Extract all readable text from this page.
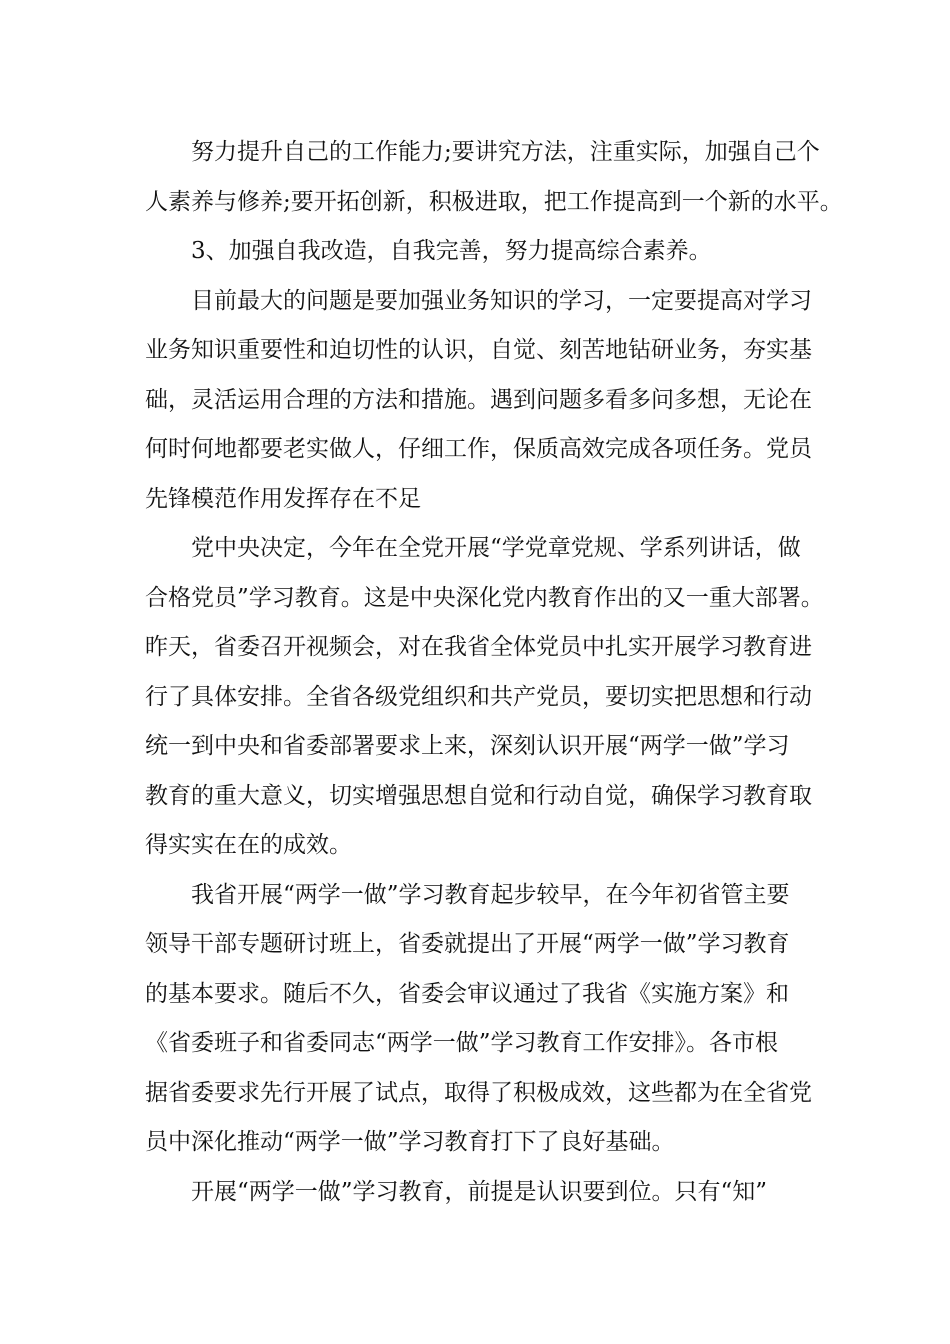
　　努力提升自己的工作能力;要讲究方法，注重实际，加强自己个
人素养与修养;要开拓创新，积极进取，把工作提高到一个新的水平。
　　3、加强自我改造，自我完善，努力提高综合素养。
　　目前最大的问题是要加强业务知识的学习，一定要提高对学习
业务知识重要性和迫切性的认识，自觉、刻苦地钻研业务，夯实基
础，灵活运用合理的方法和措施。遇到问题多看多问多想，无论在
何时何地都要老实做人，仔细工作，保质高效完成各项任务。党员
先锋模范作用发挥存在不足
　　党中央决定，今年在全党开展“学党章党规、学系列讲话，做
合格党员”学习教育。这是中央深化党内教育作出的又一重大部署。
昨天，省委召开视频会，对在我省全体党员中扎实开展学习教育进
行了具体安排。全省各级党组织和共产党员，要切实把思想和行动
统一到中央和省委部署要求上来，深刻认识开展“两学一做”学习
教育的重大意义，切实增强思想自觉和行动自觉，确保学习教育取
得实实在在的成效。
　　我省开展“两学一做”学习教育起步较早，在今年初省管主要
领导干部专题研讨班上，省委就提出了开展“两学一做”学习教育
的基本要求。随后不久，省委会审议通过了我省《实施方案》和
《省委班子和省委同志“两学一做”学习教育工作安排》。各市根
据省委要求先行开展了试点，取得了积极成效，这些都为在全省党
员中深化推动“两学一做”学习教育打下了良好基础。
　　开展“两学一做”学习教育，前提是认识要到位。只有“知”
